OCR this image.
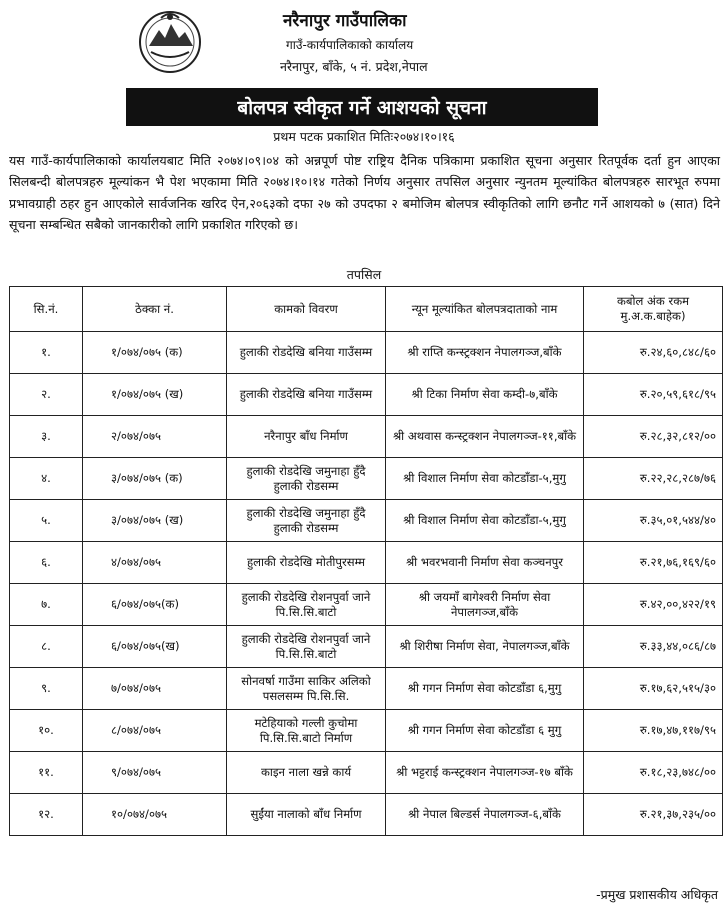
नरैनापुर गाउँपालिका
गाउँ-कार्यपालिकाको कार्यालय
नरैनापुर, बाँके, ५ नं. प्रदेश,नेपाल
बोलपत्र स्वीकृत गर्ने आशयको सूचना
प्रथम पटक प्रकाशित मितिः२०७४।१०।१६
यस गाउँ-कार्यपालिकाको कार्यालयबाट मिति २०७४।०९।०४ को अन्नपूर्ण पोष्ट राष्ट्रिय दैनिक पत्रिकामा प्रकाशित सूचना अनुसार रितपूर्वक दर्ता हुन आएका सिलबन्दी बोलपत्रहरु मूल्यांकन भै पेश भएकामा मिति २०७४।१०।१४ गतेको निर्णय अनुसार तपसिल अनुसार न्युनतम मूल्यांकित बोलपत्रहरु सारभूत रुपमा प्रभावग्राही ठहर हुन आएकोले सार्वजनिक खरिद ऐन,२०६३को दफा २७ को उपदफा २ बमोजिम बोलपत्र स्वीकृतिको लागि छनौट गर्ने आशयको ७ (सात) दिने सूचना सम्बन्धित सबैको जानकारीको लागि प्रकाशित गरिएको छ।
तपसिल
सि.नं.	ठेक्का नं.	कामको विवरण	न्यून मूल्यांकित बोलपत्रदाताको नाम	कबोल अंक रकम मु.अ.क.बाहेक)
१.	१/०७४/०७५ (क)	हुलाकी रोडदेखि बनिया गाउँसम्म	श्री राप्ति कन्स्ट्रक्शन नेपालगञ्ज,बाँके	रु.२४,६०,८४८/६०
२.	१/०७४/०७५ (ख)	हुलाकी रोडदेखि बनिया गाउँसम्म	श्री टिका निर्माण सेवा कम्दी-७,बाँके	रु.२०,५९,६१८/९५
३.	२/०७४/०७५	नरैनापुर बाँध निर्माण	श्री अथवास कन्स्ट्रक्शन नेपालगञ्ज-११,बाँके	रु.२८,३२,८१२/००
४.	३/०७४/०७५ (क)	हुलाकी रोडदेखि जमुनाहा हुँदै हुलाकी रोडसम्म	श्री विशाल निर्माण सेवा कोटडाँडा-५,मुगु	रु.२२,२८,२८७/७६
५.	३/०७४/०७५ (ख)	हुलाकी रोडदेखि जमुनाहा हुँदै हुलाकी रोडसम्म	श्री विशाल निर्माण सेवा कोटडाँडा-५,मुगु	रु.३५,०१,५४४/४०
६.	४/०७४/०७५	हुलाकी रोडदेखि मोतीपुरसम्म	श्री भवरभवानी निर्माण सेवा कञ्चनपुर	रु.२१,७६,१६९/६०
७.	६/०७४/०७५(क)	हुलाकी रोडदेखि रोशनपुर्वा जाने पि.सि.सि.बाटो	श्री जयमाँ बागेश्वरी निर्माण सेवा नेपालगञ्ज,बाँके	रु.४२,००,४२२/१९
८.	६/०७४/०७५(ख)	हुलाकी रोडदेखि रोशनपुर्वा जाने पि.सि.सि.बाटो	श्री शिरीषा निर्माण सेवा, नेपालगञ्ज,बाँके	रु.३३,४४,०८६/८७
९.	७/०७४/०७५	सोनवर्षा गाउँमा साकिर अलिको पसलसम्म पि.सि.सि.	श्री गगन निर्माण सेवा कोटडाँडा ६,मुगु	रु.१७,६२,५१५/३०
१०.	८/०७४/०७५	मटेहियाको गल्ली कुचोमा पि.सि.सि.बाटो निर्माण	श्री गगन निर्माण सेवा कोटडाँडा ६ मुगु	रु.१७,४७,११७/९५
११.	९/०७४/०७५	काइन नाला खन्ने कार्य	श्री भट्टराई कन्स्ट्रक्शन नेपालगञ्ज-१७ बाँके	रु.१८,२३,७४८/००
१२.	१०/०७४/०७५	सुईंया नालाको बाँध निर्माण	श्री नेपाल बिल्डर्स नेपालगञ्ज-६,बाँके	रु.२१,३७,२३५/००
-प्रमुख प्रशासकीय अधिकृत
